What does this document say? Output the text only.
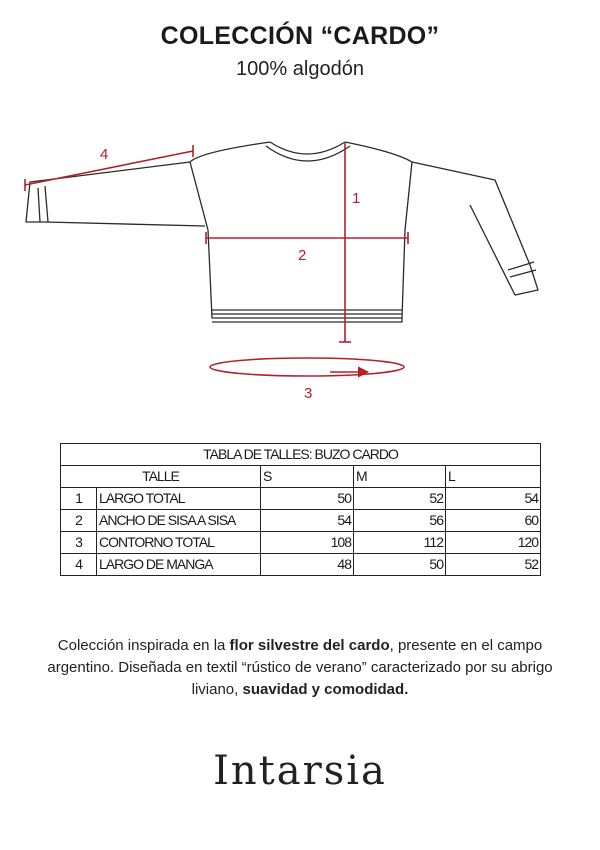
COLECCIÓN “CARDO”
100% algodón
4
1
2
3
TABLA DE TALLES: BUZO CARDO				
TALLE		S	M	L
1	LARGO TOTAL	50	52	54
2	ANCHO DE SISA A SISA	54	56	60
3	CONTORNO TOTAL	108	112	120
4	LARGO DE MANGA	48	50	52
Colección inspirada en la flor silvestre del cardo, presente en el campo argentino. Diseñada en textil “rústico de verano” caracterizado por su abrigo liviano, suavidad y comodidad.
Intarsia
